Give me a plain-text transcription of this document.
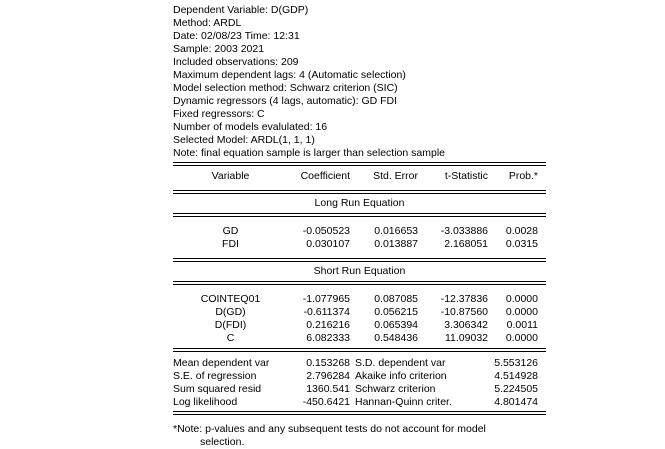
Dependent Variable: D(GDP)
Method: ARDL
Date: 02/08/23 Time: 12:31
Sample: 2003 2021
Included observations: 209
Maximum dependent lags: 4 (Automatic selection)
Model selection method: Schwarz criterion (SIC)
Dynamic regressors (4 lags, automatic): GD FDI
Fixed regressors: C
Number of models evalulated: 16
Selected Model: ARDL(1, 1, 1)
Note: final equation sample is larger than selection sample
Variable	Coefficient	Std. Error	t-Statistic	Prob.*
Long Run Equation
GD	-0.050523	0.016653	-3.033886	0.0028
FDI	0.030107	0.013887	2.168051	0.0315
Short Run Equation
COINTEQ01	-1.077965	0.087085	-12.37836	0.0000
D(GD)	-0.611374	0.056215	-10.87560	0.0000
D(FDI)	0.216216	0.065394	3.306342	0.0011
C	6.082333	0.548436	11.09032	0.0000
Mean dependent var	0.153268 S.D. dependent var	5.553126
S.E. of regression	2.796284 Akaike info criterion	4.514928
Sum squared resid	1360.541 Schwarz criterion	5.224505
Log likelihood	-450.6421 Hannan-Quinn criter.	4.801474
*Note: p-values and any subsequent tests do not account for model
selection.
